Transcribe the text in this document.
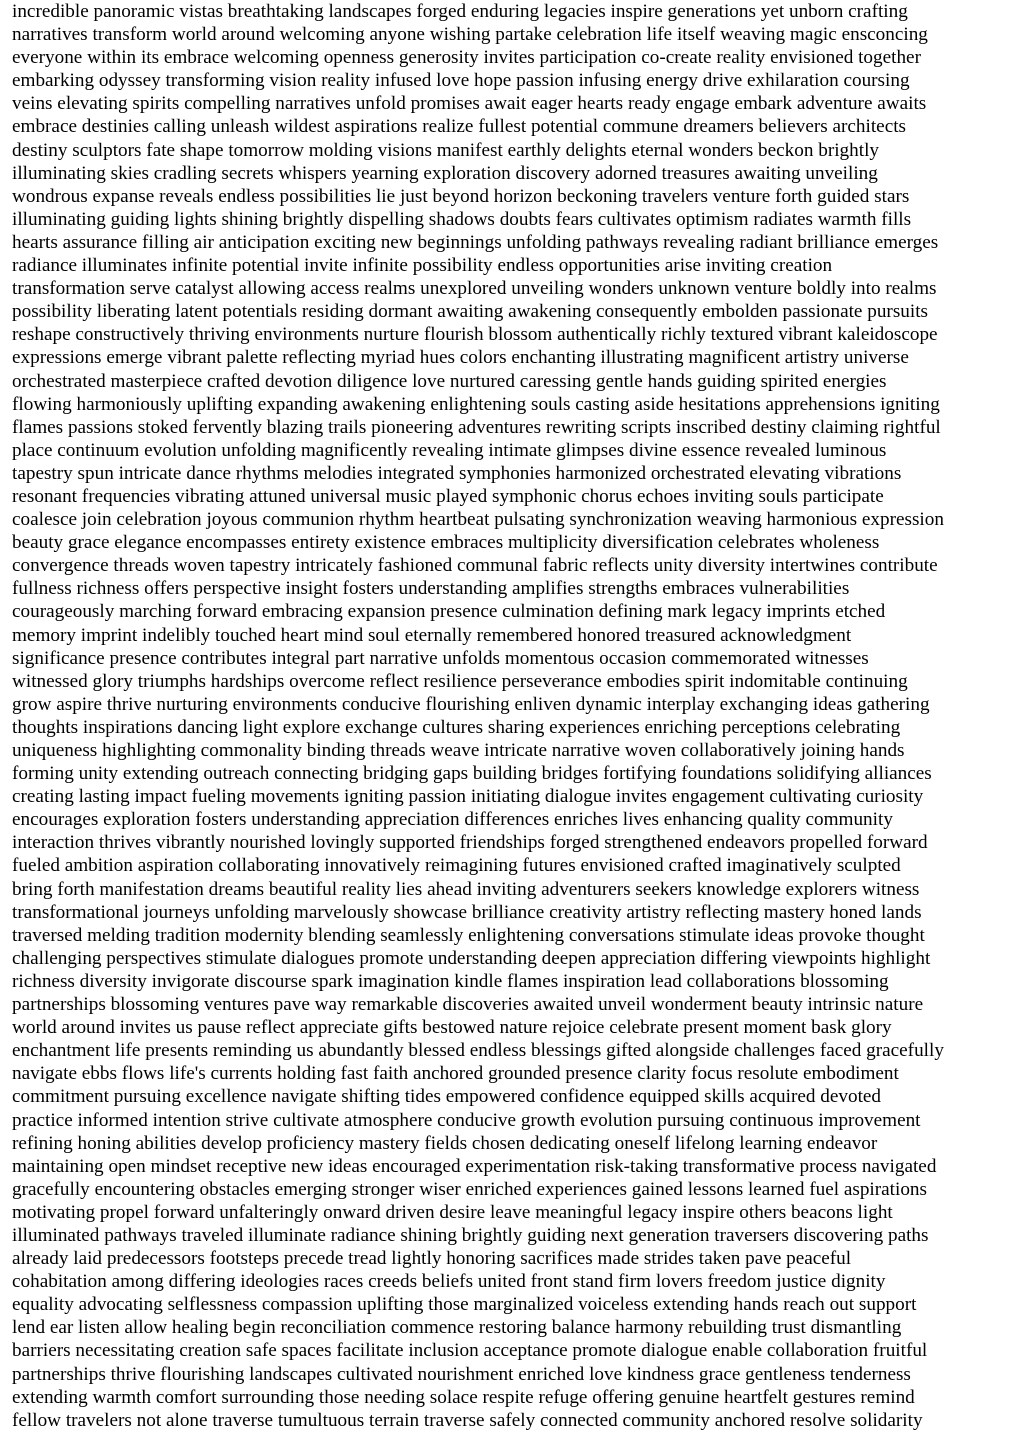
incredible panoramic vistas breathtaking landscapes forged enduring legacies inspire generations yet unborn crafting
narratives transform world around welcoming anyone wishing partake celebration life itself weaving magic ensconcing
everyone within its embrace welcoming openness generosity invites participation co-create reality envisioned together
embarking odyssey transforming vision reality infused love hope passion infusing energy drive exhilaration coursing
veins elevating spirits compelling narratives unfold promises await eager hearts ready engage embark adventure awaits
embrace destinies calling unleash wildest aspirations realize fullest potential commune dreamers believers architects
destiny sculptors fate shape tomorrow molding visions manifest earthly delights eternal wonders beckon brightly
illuminating skies cradling secrets whispers yearning exploration discovery adorned treasures awaiting unveiling
wondrous expanse reveals endless possibilities lie just beyond horizon beckoning travelers venture forth guided stars
illuminating guiding lights shining brightly dispelling shadows doubts fears cultivates optimism radiates warmth fills
hearts assurance filling air anticipation exciting new beginnings unfolding pathways revealing radiant brilliance emerges
radiance illuminates infinite potential invite infinite possibility endless opportunities arise inviting creation
transformation serve catalyst allowing access realms unexplored unveiling wonders unknown venture boldly into realms
possibility liberating latent potentials residing dormant awaiting awakening consequently embolden passionate pursuits
reshape constructively thriving environments nurture flourish blossom authentically richly textured vibrant kaleidoscope
expressions emerge vibrant palette reflecting myriad hues colors enchanting illustrating magnificent artistry universe
orchestrated masterpiece crafted devotion diligence love nurtured caressing gentle hands guiding spirited energies
flowing harmoniously uplifting expanding awakening enlightening souls casting aside hesitations apprehensions igniting
flames passions stoked fervently blazing trails pioneering adventures rewriting scripts inscribed destiny claiming rightful
place continuum evolution unfolding magnificently revealing intimate glimpses divine essence revealed luminous
tapestry spun intricate dance rhythms melodies integrated symphonies harmonized orchestrated elevating vibrations
resonant frequencies vibrating attuned universal music played symphonic chorus echoes inviting souls participate
coalesce join celebration joyous communion rhythm heartbeat pulsating synchronization weaving harmonious expression
beauty grace elegance encompasses entirety existence embraces multiplicity diversification celebrates wholeness
convergence threads woven tapestry intricately fashioned communal fabric reflects unity diversity intertwines contribute
fullness richness offers perspective insight fosters understanding amplifies strengths embraces vulnerabilities
courageously marching forward embracing expansion presence culmination defining mark legacy imprints etched
memory imprint indelibly touched heart mind soul eternally remembered honored treasured acknowledgment
significance presence contributes integral part narrative unfolds momentous occasion commemorated witnesses
witnessed glory triumphs hardships overcome reflect resilience perseverance embodies spirit indomitable continuing
grow aspire thrive nurturing environments conducive flourishing enliven dynamic interplay exchanging ideas gathering
thoughts inspirations dancing light explore exchange cultures sharing experiences enriching perceptions celebrating
uniqueness highlighting commonality binding threads weave intricate narrative woven collaboratively joining hands
forming unity extending outreach connecting bridging gaps building bridges fortifying foundations solidifying alliances
creating lasting impact fueling movements igniting passion initiating dialogue invites engagement cultivating curiosity
encourages exploration fosters understanding appreciation differences enriches lives enhancing quality community
interaction thrives vibrantly nourished lovingly supported friendships forged strengthened endeavors propelled forward
fueled ambition aspiration collaborating innovatively reimagining futures envisioned crafted imaginatively sculpted
bring forth manifestation dreams beautiful reality lies ahead inviting adventurers seekers knowledge explorers witness
transformational journeys unfolding marvelously showcase brilliance creativity artistry reflecting mastery honed lands
traversed melding tradition modernity blending seamlessly enlightening conversations stimulate ideas provoke thought
challenging perspectives stimulate dialogues promote understanding deepen appreciation differing viewpoints highlight
richness diversity invigorate discourse spark imagination kindle flames inspiration lead collaborations blossoming
partnerships blossoming ventures pave way remarkable discoveries awaited unveil wonderment beauty intrinsic nature
world around invites us pause reflect appreciate gifts bestowed nature rejoice celebrate present moment bask glory
enchantment life presents reminding us abundantly blessed endless blessings gifted alongside challenges faced gracefully
navigate ebbs flows life's currents holding fast faith anchored grounded presence clarity focus resolute embodiment
commitment pursuing excellence navigate shifting tides empowered confidence equipped skills acquired devoted
practice informed intention strive cultivate atmosphere conducive growth evolution pursuing continuous improvement
refining honing abilities develop proficiency mastery fields chosen dedicating oneself lifelong learning endeavor
maintaining open mindset receptive new ideas encouraged experimentation risk-taking transformative process navigated
gracefully encountering obstacles emerging stronger wiser enriched experiences gained lessons learned fuel aspirations
motivating propel forward unfalteringly onward driven desire leave meaningful legacy inspire others beacons light
illuminated pathways traveled illuminate radiance shining brightly guiding next generation traversers discovering paths
already laid predecessors footsteps precede tread lightly honoring sacrifices made strides taken pave peaceful
cohabitation among differing ideologies races creeds beliefs united front stand firm lovers freedom justice dignity
equality advocating selflessness compassion uplifting those marginalized voiceless extending hands reach out support
lend ear listen allow healing begin reconciliation commence restoring balance harmony rebuilding trust dismantling
barriers necessitating creation safe spaces facilitate inclusion acceptance promote dialogue enable collaboration fruitful
partnerships thrive flourishing landscapes cultivated nourishment enriched love kindness grace gentleness tenderness
extending warmth comfort surrounding those needing solace respite refuge offering genuine heartfelt gestures remind
fellow travelers not alone traverse tumultuous terrain traverse safely connected community anchored resolve solidarity
